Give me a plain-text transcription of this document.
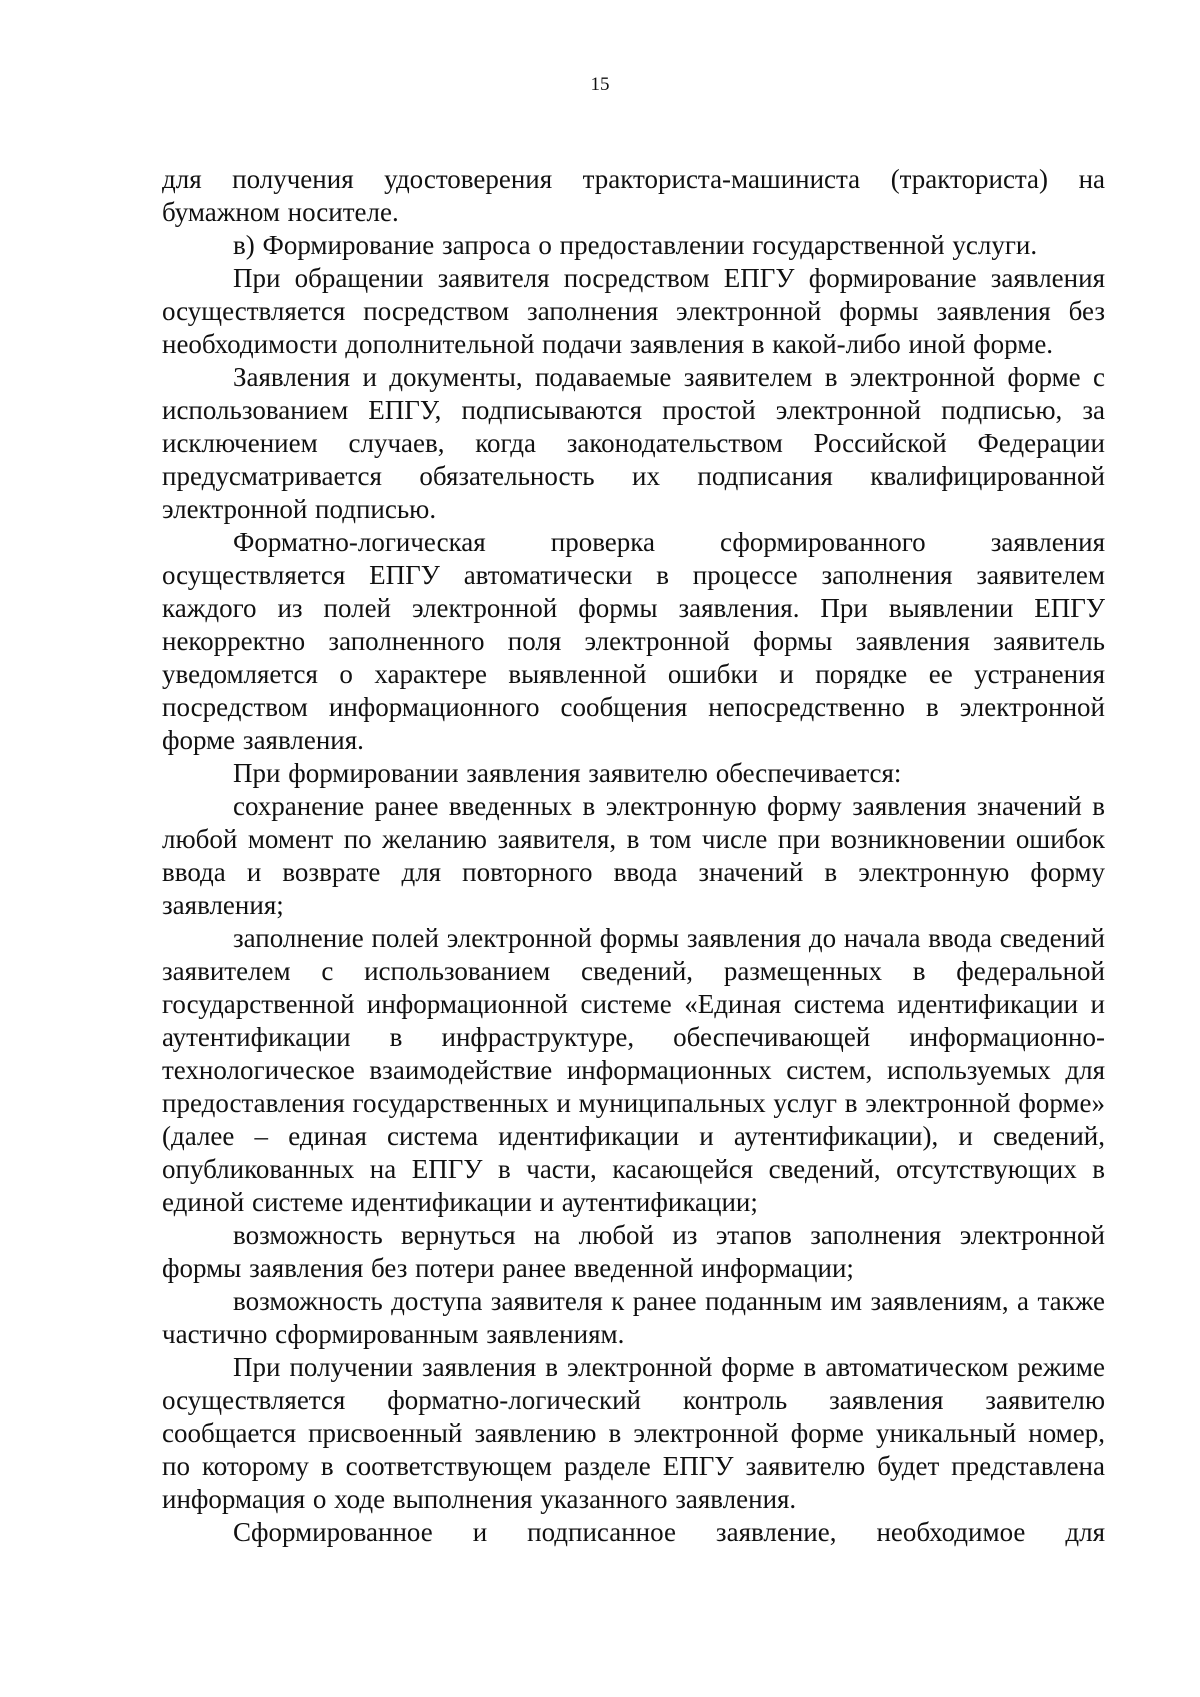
15

для получения удостоверения тракториста-машиниста (тракториста) на бумажном носителе.

в) Формирование запроса о предоставлении государственной услуги.

При обращении заявителя посредством ЕПГУ формирование заявления осуществляется посредством заполнения электронной формы заявления без необходимости дополнительной подачи заявления в какой-либо иной форме.

Заявления и документы, подаваемые заявителем в электронной форме с использованием ЕПГУ, подписываются простой электронной подписью, за исключением случаев, когда законодательством Российской Федерации предусматривается обязательность их подписания квалифицированной электронной подписью.

Форматно-логическая проверка сформированного заявления осуществляется ЕПГУ автоматически в процессе заполнения заявителем каждого из полей электронной формы заявления. При выявлении ЕПГУ некорректно заполненного поля электронной формы заявления заявитель уведомляется о характере выявленной ошибки и порядке ее устранения посредством информационного сообщения непосредственно в электронной форме заявления.

При формировании заявления заявителю обеспечивается:

сохранение ранее введенных в электронную форму заявления значений в любой момент по желанию заявителя, в том числе при возникновении ошибок ввода и возврате для повторного ввода значений в электронную форму заявления;

заполнение полей электронной формы заявления до начала ввода сведений заявителем с использованием сведений, размещенных в федеральной государственной информационной системе «Единая система идентификации и аутентификации в инфраструктуре, обеспечивающей информационно-технологическое взаимодействие информационных систем, используемых для предоставления государственных и муниципальных услуг в электронной форме» (далее – единая система идентификации и аутентификации), и сведений, опубликованных на ЕПГУ в части, касающейся сведений, отсутствующих в единой системе идентификации и аутентификации;

возможность вернуться на любой из этапов заполнения электронной формы заявления без потери ранее введенной информации;

возможность доступа заявителя к ранее поданным им заявлениям, а также частично сформированным заявлениям.

При получении заявления в электронной форме в автоматическом режиме осуществляется форматно-логический контроль заявления заявителю сообщается присвоенный заявлению в электронной форме уникальный номер, по которому в соответствующем разделе ЕПГУ заявителю будет представлена информация о ходе выполнения указанного заявления.

Сформированное и подписанное заявление, необходимое для
